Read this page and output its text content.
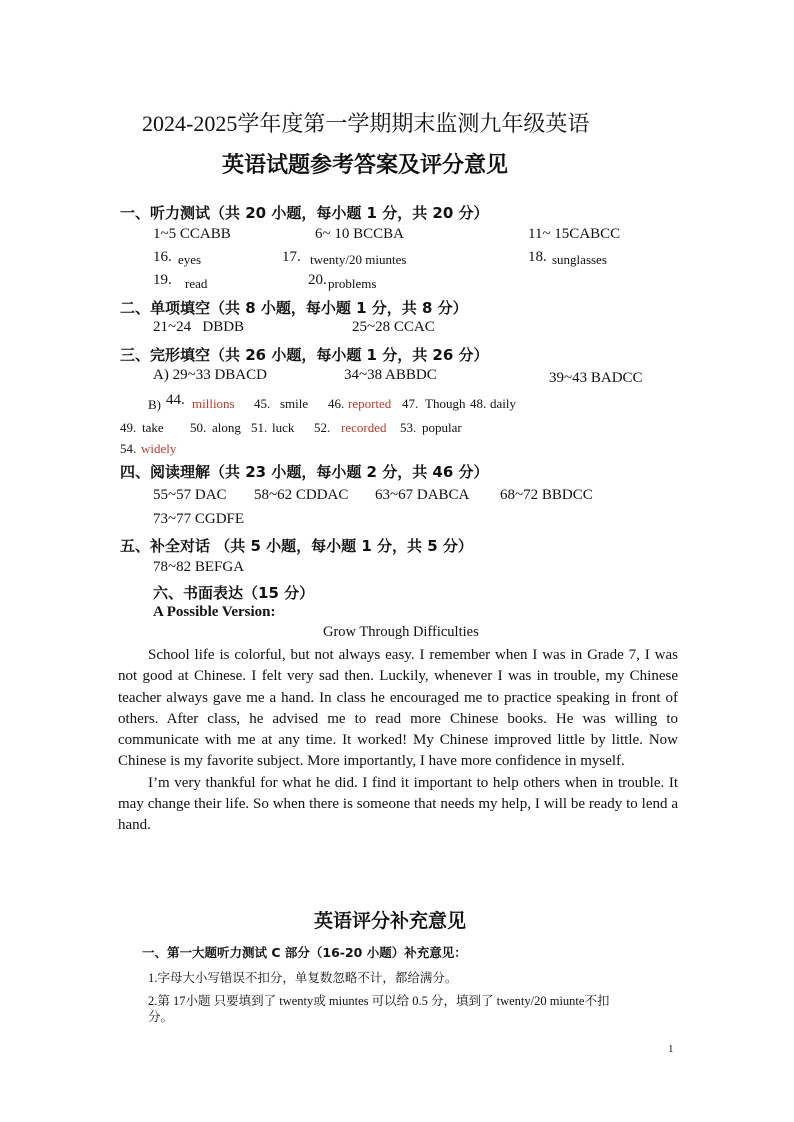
2024-2025学年度第一学期期末监测九年级英语
英语试题参考答案及评分意见
一、听力测试（共 20 小题，每小题 1 分，共 20 分）
1~5 CCABB	6~ 10 BCCBA	11~ 15CABCC
16. eyes	17. twenty/20 miuntes	18. sunglasses
19. read	20. problems
二、单项填空（共 8 小题，每小题 1 分，共 8 分）
21~24   DBDB	25~28 CCAC
三、完形填空（共 26 小题，每小题 1 分，共 26 分）
A) 29~33 DBACD	34~38 ABBDC	39~43 BADCC
B) 44. millions 45. smile 46. reported 47. Though 48. daily
49. take 50. along 51. luck 52. recorded 53. popular
54. widely
四、阅读理解（共 23 小题，每小题 2 分，共 46 分）
55~57 DAC 58~62 CDDAC 63~67 DABCA 68~72 BBDCC
73~77 CGDFE
五、补全对话 （共 5 小题，每小题 1 分，共 5 分）
78~82 BEFGA
六、书面表达（15 分）
A Possible Version:
Grow Through Difficulties

School life is colorful, but not always easy. I remember when I was in Grade 7, I was not good at Chinese. I felt very sad then. Luckily, whenever I was in trouble, my Chinese teacher always gave me a hand. In class he encouraged me to practice speaking in front of others. After class, he advised me to read more Chinese books. He was willing to communicate with me at any time. It worked! My Chinese improved little by little. Now Chinese is my favorite subject. More importantly, I have more confidence in myself.

I’m very thankful for what he did. I find it important to help others when in trouble. It may change their life. So when there is someone that needs my help, I will be ready to lend a hand.

英语评分补充意见
一、第一大题听力测试 C 部分（16-20 小题）补充意见：
1.字母大小写错误不扣分，单复数忽略不计，都给满分。
2.第 17小题 只要填到了 twenty或 miuntes 可以给 0.5 分，填到了 twenty/20 miunte不扣
分。
1
